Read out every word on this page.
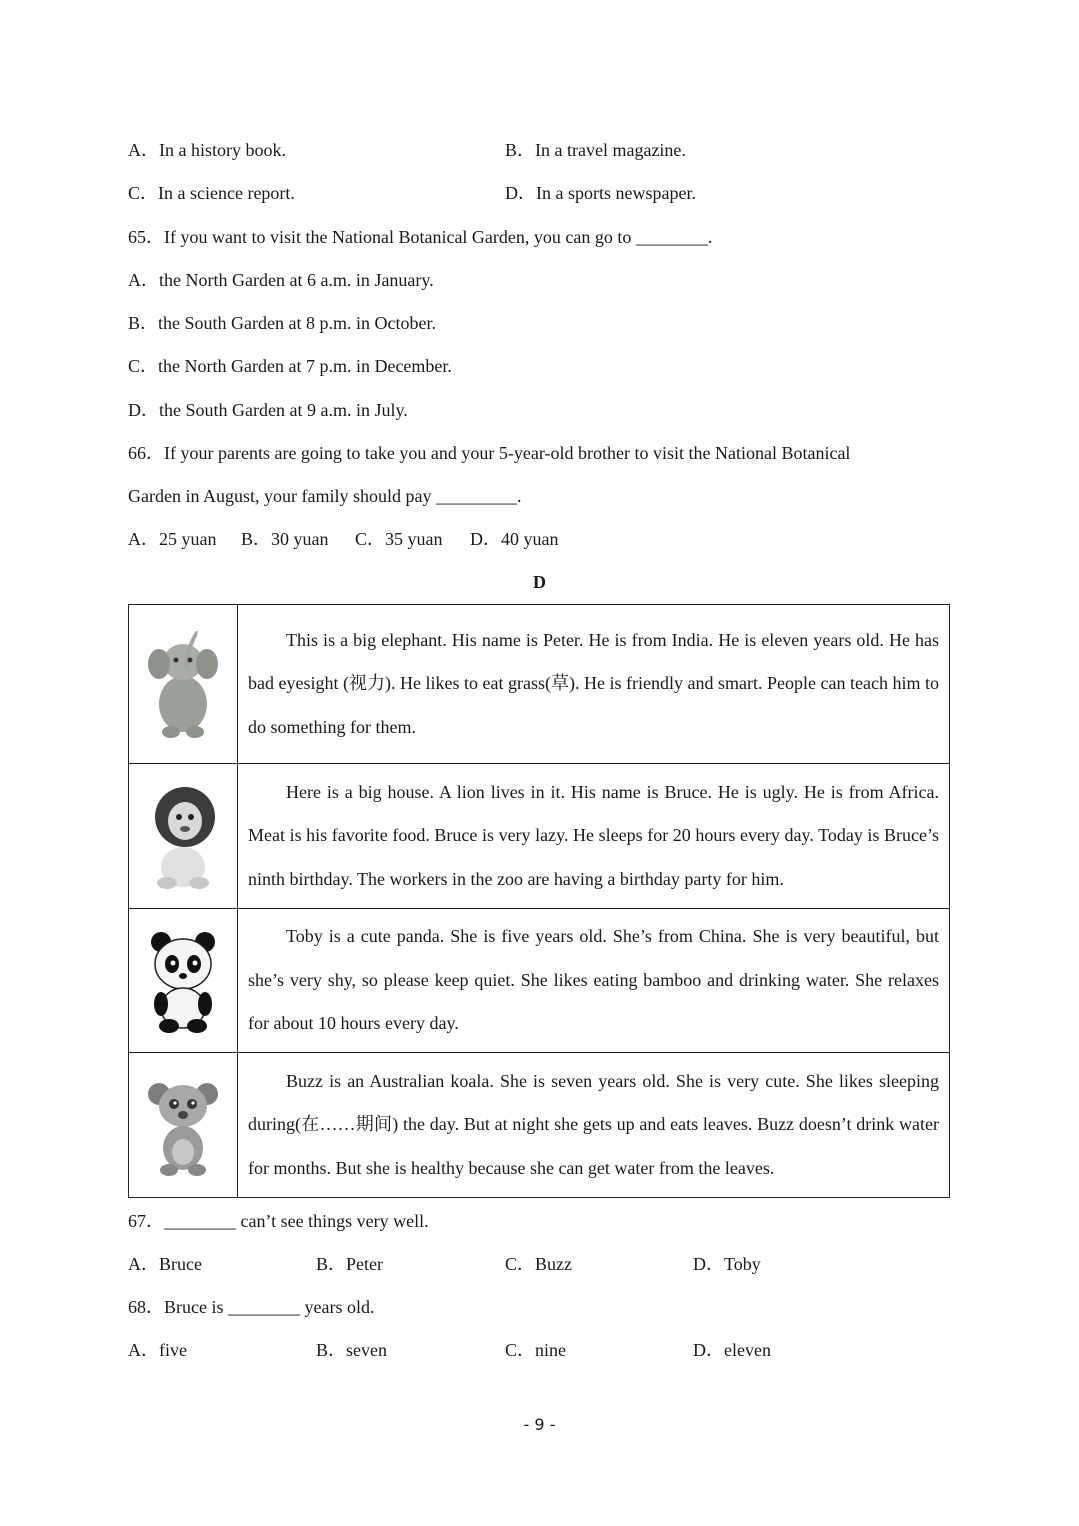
A．In a history book.	B．In a travel magazine.
C．In a science report.	D．In a sports newspaper.
65．If you want to visit the National Botanical Garden, you can go to ________.
A．the North Garden at 6 a.m. in January.
B．the South Garden at 8 p.m. in October.
C．the North Garden at 7 p.m. in December.
D．the South Garden at 9 a.m. in July.
66．If your parents are going to take you and your 5-year-old brother to visit the National Botanical
Garden in August, your family should pay _________.
A．25 yuan B．30 yuan C．35 yuan D．40 yuan
D
	This is a big elephant. His name is Peter. He is from India. He is eleven years old. He has bad eyesight (视力). He likes to eat grass(草). He is friendly and smart. People can teach him to do something for them.

	Here is a big house. A lion lives in it. His name is Bruce. He is ugly. He is from Africa. Meat is his favorite food. Bruce is very lazy. He sleeps for 20 hours every day. Today is Bruce’s ninth birthday. The workers in the zoo are having a birthday party for him.

	Toby is a cute panda. She is five years old. She’s from China. She is very beautiful, but she’s very shy, so please keep quiet. She likes eating bamboo and drinking water. She relaxes for about 10 hours every day.

	Buzz is an Australian koala. She is seven years old. She is very cute. She likes sleeping during(在……期间) the day. But at night she gets up and eats leaves. Buzz doesn’t drink water for months. But she is healthy because she can get water from the leaves.
67．________ can’t see things very well.
A．Bruce	B．Peter	C．Buzz	D．Toby
68．Bruce is ________ years old.
A．five	B．seven	C．nine	D．eleven
- 9 -
